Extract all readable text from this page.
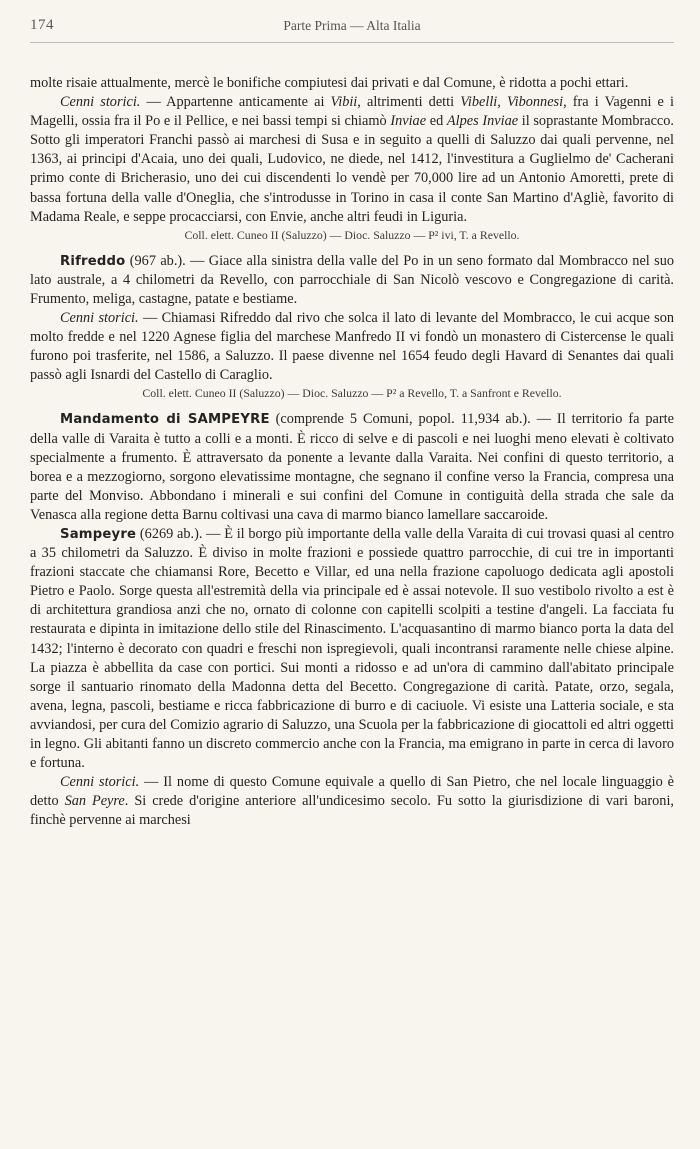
174	Parte Prima — Alta Italia

molte risaie attualmente, mercè le bonifiche compiutesi dai privati e dal Comune, è ridotta a pochi ettari.

Cenni storici. — Appartenne anticamente ai Vibii, altrimenti detti Vibelli, Vibonnesi, fra i Vagenni e i Magelli, ossia fra il Po e il Pellice, e nei bassi tempi si chiamò Inviae ed Alpes Inviae il soprastante Mombracco. Sotto gli imperatori Franchi passò ai marchesi di Susa e in seguito a quelli di Saluzzo dai quali pervenne, nel 1363, ai principi d'Acaia, uno dei quali, Ludovico, ne diede, nel 1412, l'investitura a Guglielmo de' Cacherani primo conte di Bricherasio, uno dei cui discendenti lo vendè per 70,000 lire ad un Antonio Amoretti, prete di bassa fortuna della valle d'Oneglia, che s'introdusse in Torino in casa il conte San Martino d'Agliè, favorito di Madama Reale, e seppe procacciarsi, con Envie, anche altri feudi in Liguria.

Coll. elett. Cuneo II (Saluzzo) — Dioc. Saluzzo — P² ivi, T. a Revello.

Rifreddo (967 ab.). — Giace alla sinistra della valle del Po in un seno formato dal Mombracco nel suo lato australe, a 4 chilometri da Revello, con parrocchiale di San Nicolò vescovo e Congregazione di carità. Frumento, meliga, castagne, patate e bestiame.

Cenni storici. — Chiamasi Rifreddo dal rivo che solca il lato di levante del Mombracco, le cui acque son molto fredde e nel 1220 Agnese figlia del marchese Manfredo II vi fondò un monastero di Cistercense le quali furono poi trasferite, nel 1586, a Saluzzo. Il paese divenne nel 1654 feudo degli Havard di Senantes dai quali passò agli Isnardi del Castello di Caraglio.

Coll. elett. Cuneo II (Saluzzo) — Dioc. Saluzzo — P² a Revello, T. a Sanfront e Revello.

Mandamento di SAMPEYRE (comprende 5 Comuni, popol. 11,934 ab.). — Il territorio fa parte della valle di Varaita è tutto a colli e a monti. È ricco di selve e di pascoli e nei luoghi meno elevati è coltivato specialmente a frumento. È attraversato da ponente a levante dalla Varaita. Nei confini di questo territorio, a borea e a mezzogiorno, sorgono elevatissime montagne, che segnano il confine verso la Francia, compresa una parte del Monviso. Abbondano i minerali e sui confini del Comune in contiguità della strada che sale da Venasca alla regione detta Barnu coltivasi una cava di marmo bianco lamellare saccaroide.

Sampeyre (6269 ab.). — È il borgo più importante della valle della Varaita di cui trovasi quasi al centro a 35 chilometri da Saluzzo. È diviso in molte frazioni e possiede quattro parrocchie, di cui tre in importanti frazioni staccate che chiamansi Rore, Becetto e Villar, ed una nella frazione capoluogo dedicata agli apostoli Pietro e Paolo. Sorge questa all'estremità della via principale ed è assai notevole. Il suo vestibolo rivolto a est è di architettura grandiosa anzi che no, ornato di colonne con capitelli scolpiti a testine d'angeli. La facciata fu restaurata e dipinta in imitazione dello stile del Rinascimento. L'acquasantino di marmo bianco porta la data del 1432; l'interno è decorato con quadri e freschi non ispregievoli, quali incontransi raramente nelle chiese alpine. La piazza è abbellita da case con portici. Sui monti a ridosso e ad un'ora di cammino dall'abitato principale sorge il santuario rinomato della Madonna detta del Becetto. Congregazione di carità. Patate, orzo, segala, avena, legna, pascoli, bestiame e ricca fabbricazione di burro e di caciuole. Vi esiste una Latteria sociale, e sta avviandosi, per cura del Comizio agrario di Saluzzo, una Scuola per la fabbricazione di giocattoli ed altri oggetti in legno. Gli abitanti fanno un discreto commercio anche con la Francia, ma emigrano in parte in cerca di lavoro e fortuna.

Cenni storici. — Il nome di questo Comune equivale a quello di San Pietro, che nel locale linguaggio è detto San Peyre. Si crede d'origine anteriore all'undicesimo secolo. Fu sotto la giurisdizione di vari baroni, finchè pervenne ai marchesi
